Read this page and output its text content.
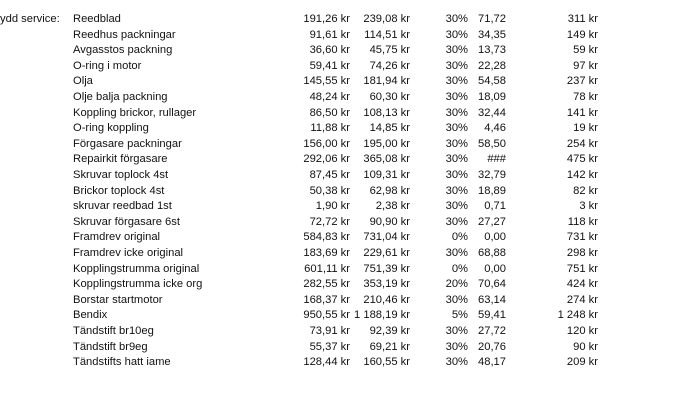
ydd service: Reedblad	191,26 kr	239,08 kr	30% 71,72	311 kr
Reedhus packningar	91,61 kr	114,51 kr	30% 34,35	149 kr
Avgasstos packning	36,60 kr	45,75 kr	30% 13,73	59 kr
O-ring i motor	59,41 kr	74,26 kr	30% 22,28	97 kr
Olja	145,55 kr	181,94 kr	30% 54,58	237 kr
Olje balja packning	48,24 kr	60,30 kr	30% 18,09	78 kr
Koppling brickor, rullager	86,50 kr	108,13 kr	30% 32,44	141 kr
O-ring koppling	11,88 kr	14,85 kr	30%	4,46	19 kr
Förgasare packningar	156,00 kr	195,00 kr	30% 58,50	254 kr
Repairkit förgasare	292,06 kr	365,08 kr	30%	###	475 kr
Skruvar toplock 4st	87,45 kr	109,31 kr	30% 32,79	142 kr
Brickor toplock 4st	50,38 kr	62,98 kr	30% 18,89	82 kr
skruvar reedbad 1st	1,90 kr	2,38 kr	30%	0,71	3 kr
Skruvar förgasare 6st	72,72 kr	90,90 kr	30% 27,27	118 kr
Framdrev original	584,83 kr	731,04 kr	0%	0,00	731 kr
Framdrev icke original	183,69 kr	229,61 kr	30% 68,88	298 kr
Kopplingstrumma original	601,11 kr	751,39 kr	0%	0,00	751 kr
Kopplingstrumma icke org	282,55 kr	353,19 kr	20% 70,64	424 kr
Borstar startmotor	168,37 kr	210,46 kr	30% 63,14	274 kr
Bendix	950,55 kr 1 188,19 kr	5% 59,41	1 248 kr
Tändstift br10eg	73,91 kr	92,39 kr	30% 27,72	120 kr
Tändstift br9eg	55,37 kr	69,21 kr	30% 20,76	90 kr
Tändstifts hatt iame	128,44 kr	160,55 kr	30% 48,17	209 kr
